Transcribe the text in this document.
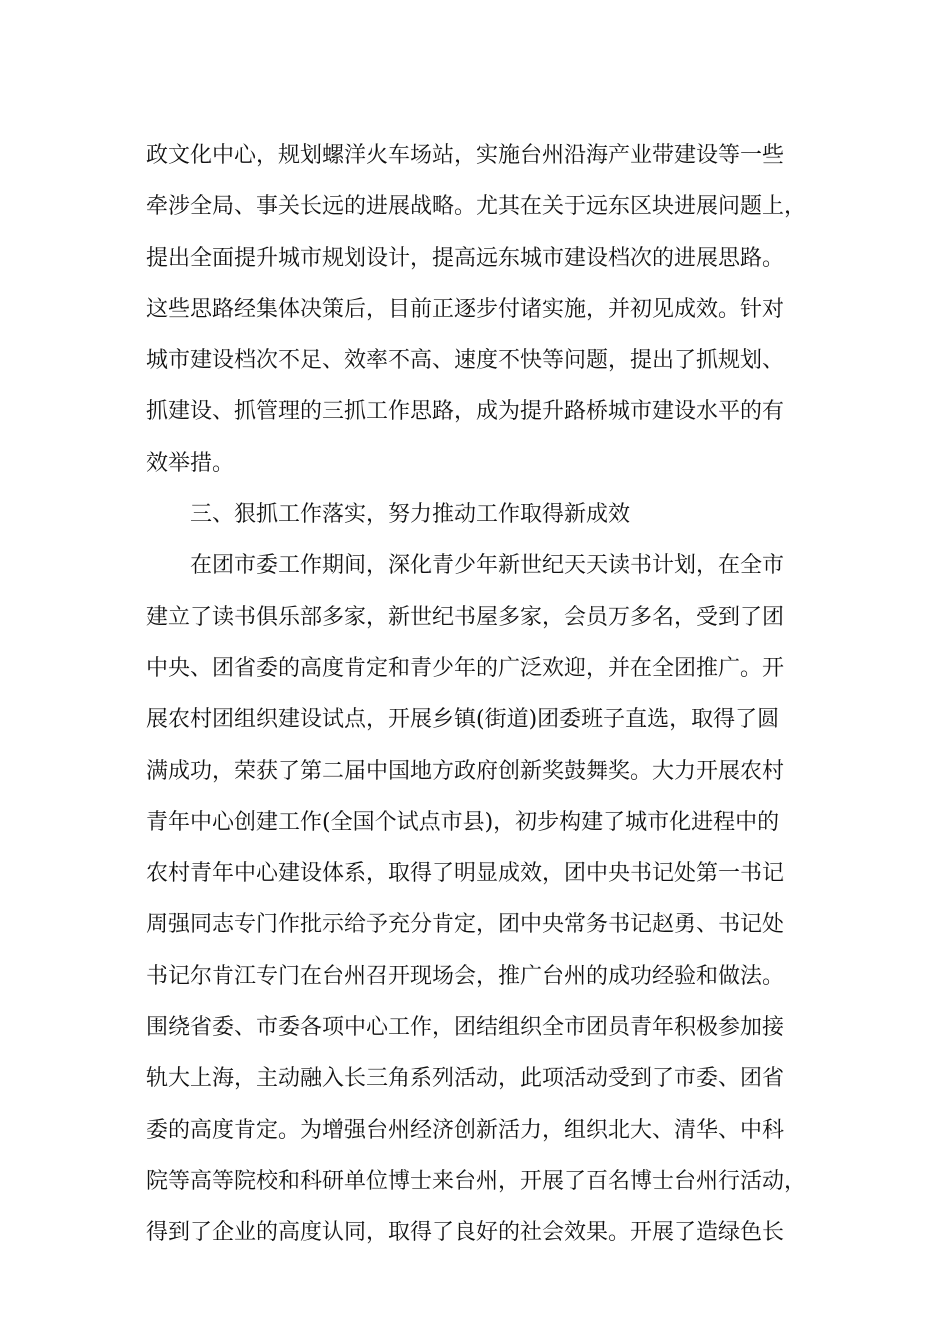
政文化中心，规划螺洋火车场站，实施台州沿海产业带建设等一些
牵涉全局、事关长远的进展战略。尤其在关于远东区块进展问题上，
提出全面提升城市规划设计，提高远东城市建设档次的进展思路。
这些思路经集体决策后，目前正逐步付诸实施，并初见成效。针对
城市建设档次不足、效率不高、速度不快等问题，提出了抓规划、
抓建设、抓管理的三抓工作思路，成为提升路桥城市建设水平的有
效举措。
三、狠抓工作落实，努力推动工作取得新成效
在团市委工作期间，深化青少年新世纪天天读书计划，在全市
建立了读书俱乐部多家，新世纪书屋多家，会员万多名，受到了团
中央、团省委的高度肯定和青少年的广泛欢迎，并在全团推广。开
展农村团组织建设试点，开展乡镇(街道)团委班子直选，取得了圆
满成功，荣获了第二届中国地方政府创新奖鼓舞奖。大力开展农村
青年中心创建工作(全国个试点市县)，初步构建了城市化进程中的
农村青年中心建设体系，取得了明显成效，团中央书记处第一书记
周强同志专门作批示给予充分肯定，团中央常务书记赵勇、书记处
书记尔肯江专门在台州召开现场会，推广台州的成功经验和做法。
围绕省委、市委各项中心工作，团结组织全市团员青年积极参加接
轨大上海，主动融入长三角系列活动，此项活动受到了市委、团省
委的高度肯定。为增强台州经济创新活力，组织北大、清华、中科
院等高等院校和科研单位博士来台州，开展了百名博士台州行活动，
得到了企业的高度认同，取得了良好的社会效果。开展了造绿色长
